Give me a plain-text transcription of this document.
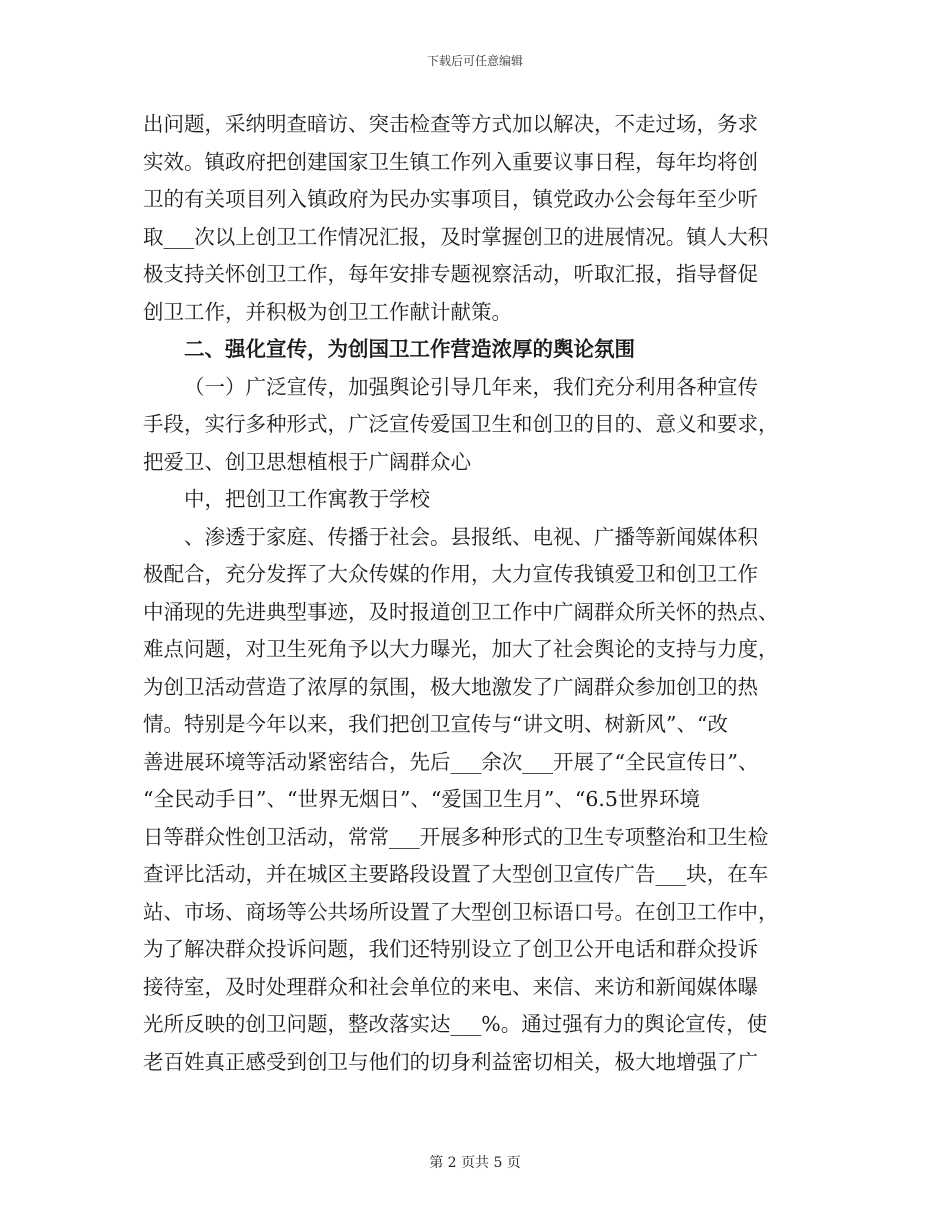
下载后可任意编辑
出问题，采纳明查暗访、突击检查等方式加以解决，不走过场，务求
实效。镇政府把创建国家卫生镇工作列入重要议事日程，每年均将创
卫的有关项目列入镇政府为民办实事项目，镇党政办公会每年至少听
取___次以上创卫工作情况汇报，及时掌握创卫的进展情况。镇人大积
极支持关怀创卫工作，每年安排专题视察活动，听取汇报，指导督促
创卫工作，并积极为创卫工作献计献策。
二、强化宣传，为创国卫工作营造浓厚的舆论氛围
（一）广泛宣传，加强舆论引导几年来，我们充分利用各种宣传
手段，实行多种形式，广泛宣传爱国卫生和创卫的目的、意义和要求，
把爱卫、创卫思想植根于广阔群众心
中，把创卫工作寓教于学校
、渗透于家庭、传播于社会。县报纸、电视、广播等新闻媒体积
极配合，充分发挥了大众传媒的作用，大力宣传我镇爱卫和创卫工作
中涌现的先进典型事迹，及时报道创卫工作中广阔群众所关怀的热点、
难点问题，对卫生死角予以大力曝光，加大了社会舆论的支持与力度，
为创卫活动营造了浓厚的氛围，极大地激发了广阔群众参加创卫的热
情。特别是今年以来，我们把创卫宣传与“讲文明、树新风”、“改
善进展环境等活动紧密结合，先后___余次___开展了“全民宣传日”、
“全民动手日”、“世界无烟日”、“爱国卫生月”、“6.5世界环境
日等群众性创卫活动，常常___开展多种形式的卫生专项整治和卫生检
查评比活动，并在城区主要路段设置了大型创卫宣传广告___块，在车
站、市场、商场等公共场所设置了大型创卫标语口号。在创卫工作中，
为了解决群众投诉问题，我们还特别设立了创卫公开电话和群众投诉
接待室，及时处理群众和社会单位的来电、来信、来访和新闻媒体曝
光所反映的创卫问题，整改落实达___%。通过强有力的舆论宣传，使
老百姓真正感受到创卫与他们的切身利益密切相关，极大地增强了广
第 2 页共 5 页
